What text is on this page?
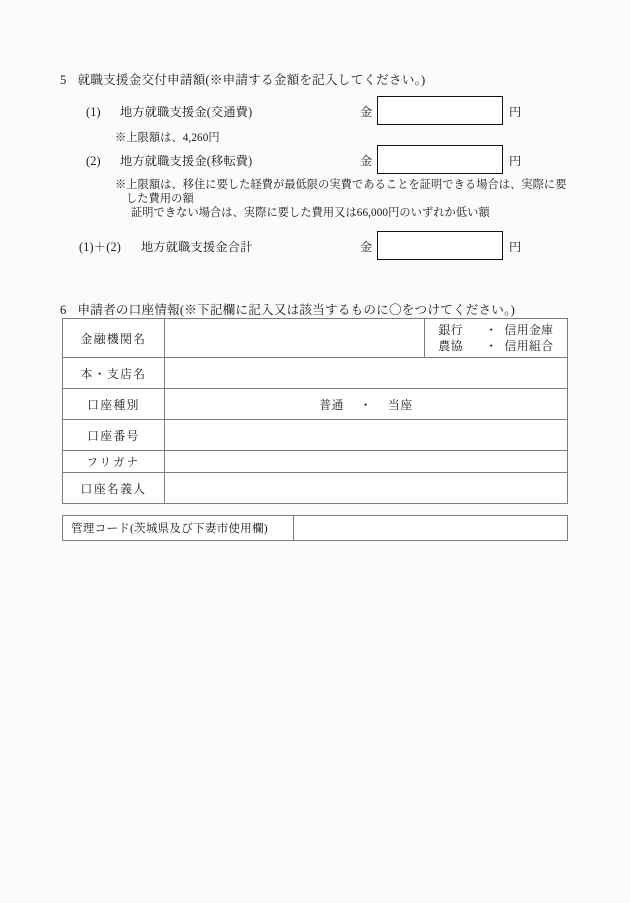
5 就職支援金交付申請額(※申請する金額を記入してください。)
(1) 地方就職支援金(交通費)	金	円
※上限額は、4,260円
(2) 地方就職支援金(移転費)	金	円
※上限額は、移住に要した経費が最低限の実費であることを証明できる場合は、実際に要
した費用の額
証明できない場合は、実際に要した費用又は66,000円のいずれか低い額
(1)＋(2) 地方就職支援金合計	金	円
6 申請者の口座情報(※下記欄に記入又は該当するものに〇をつけてください。)
金融機関名		銀行 ・ 信用金庫
農協 ・ 信用組合

本・支店名		
口座種別	普通 ・ 当座	
口座番号		
フリガナ		
口座名義人		
管理コード(茨城県及び下妻市使用欄)	
